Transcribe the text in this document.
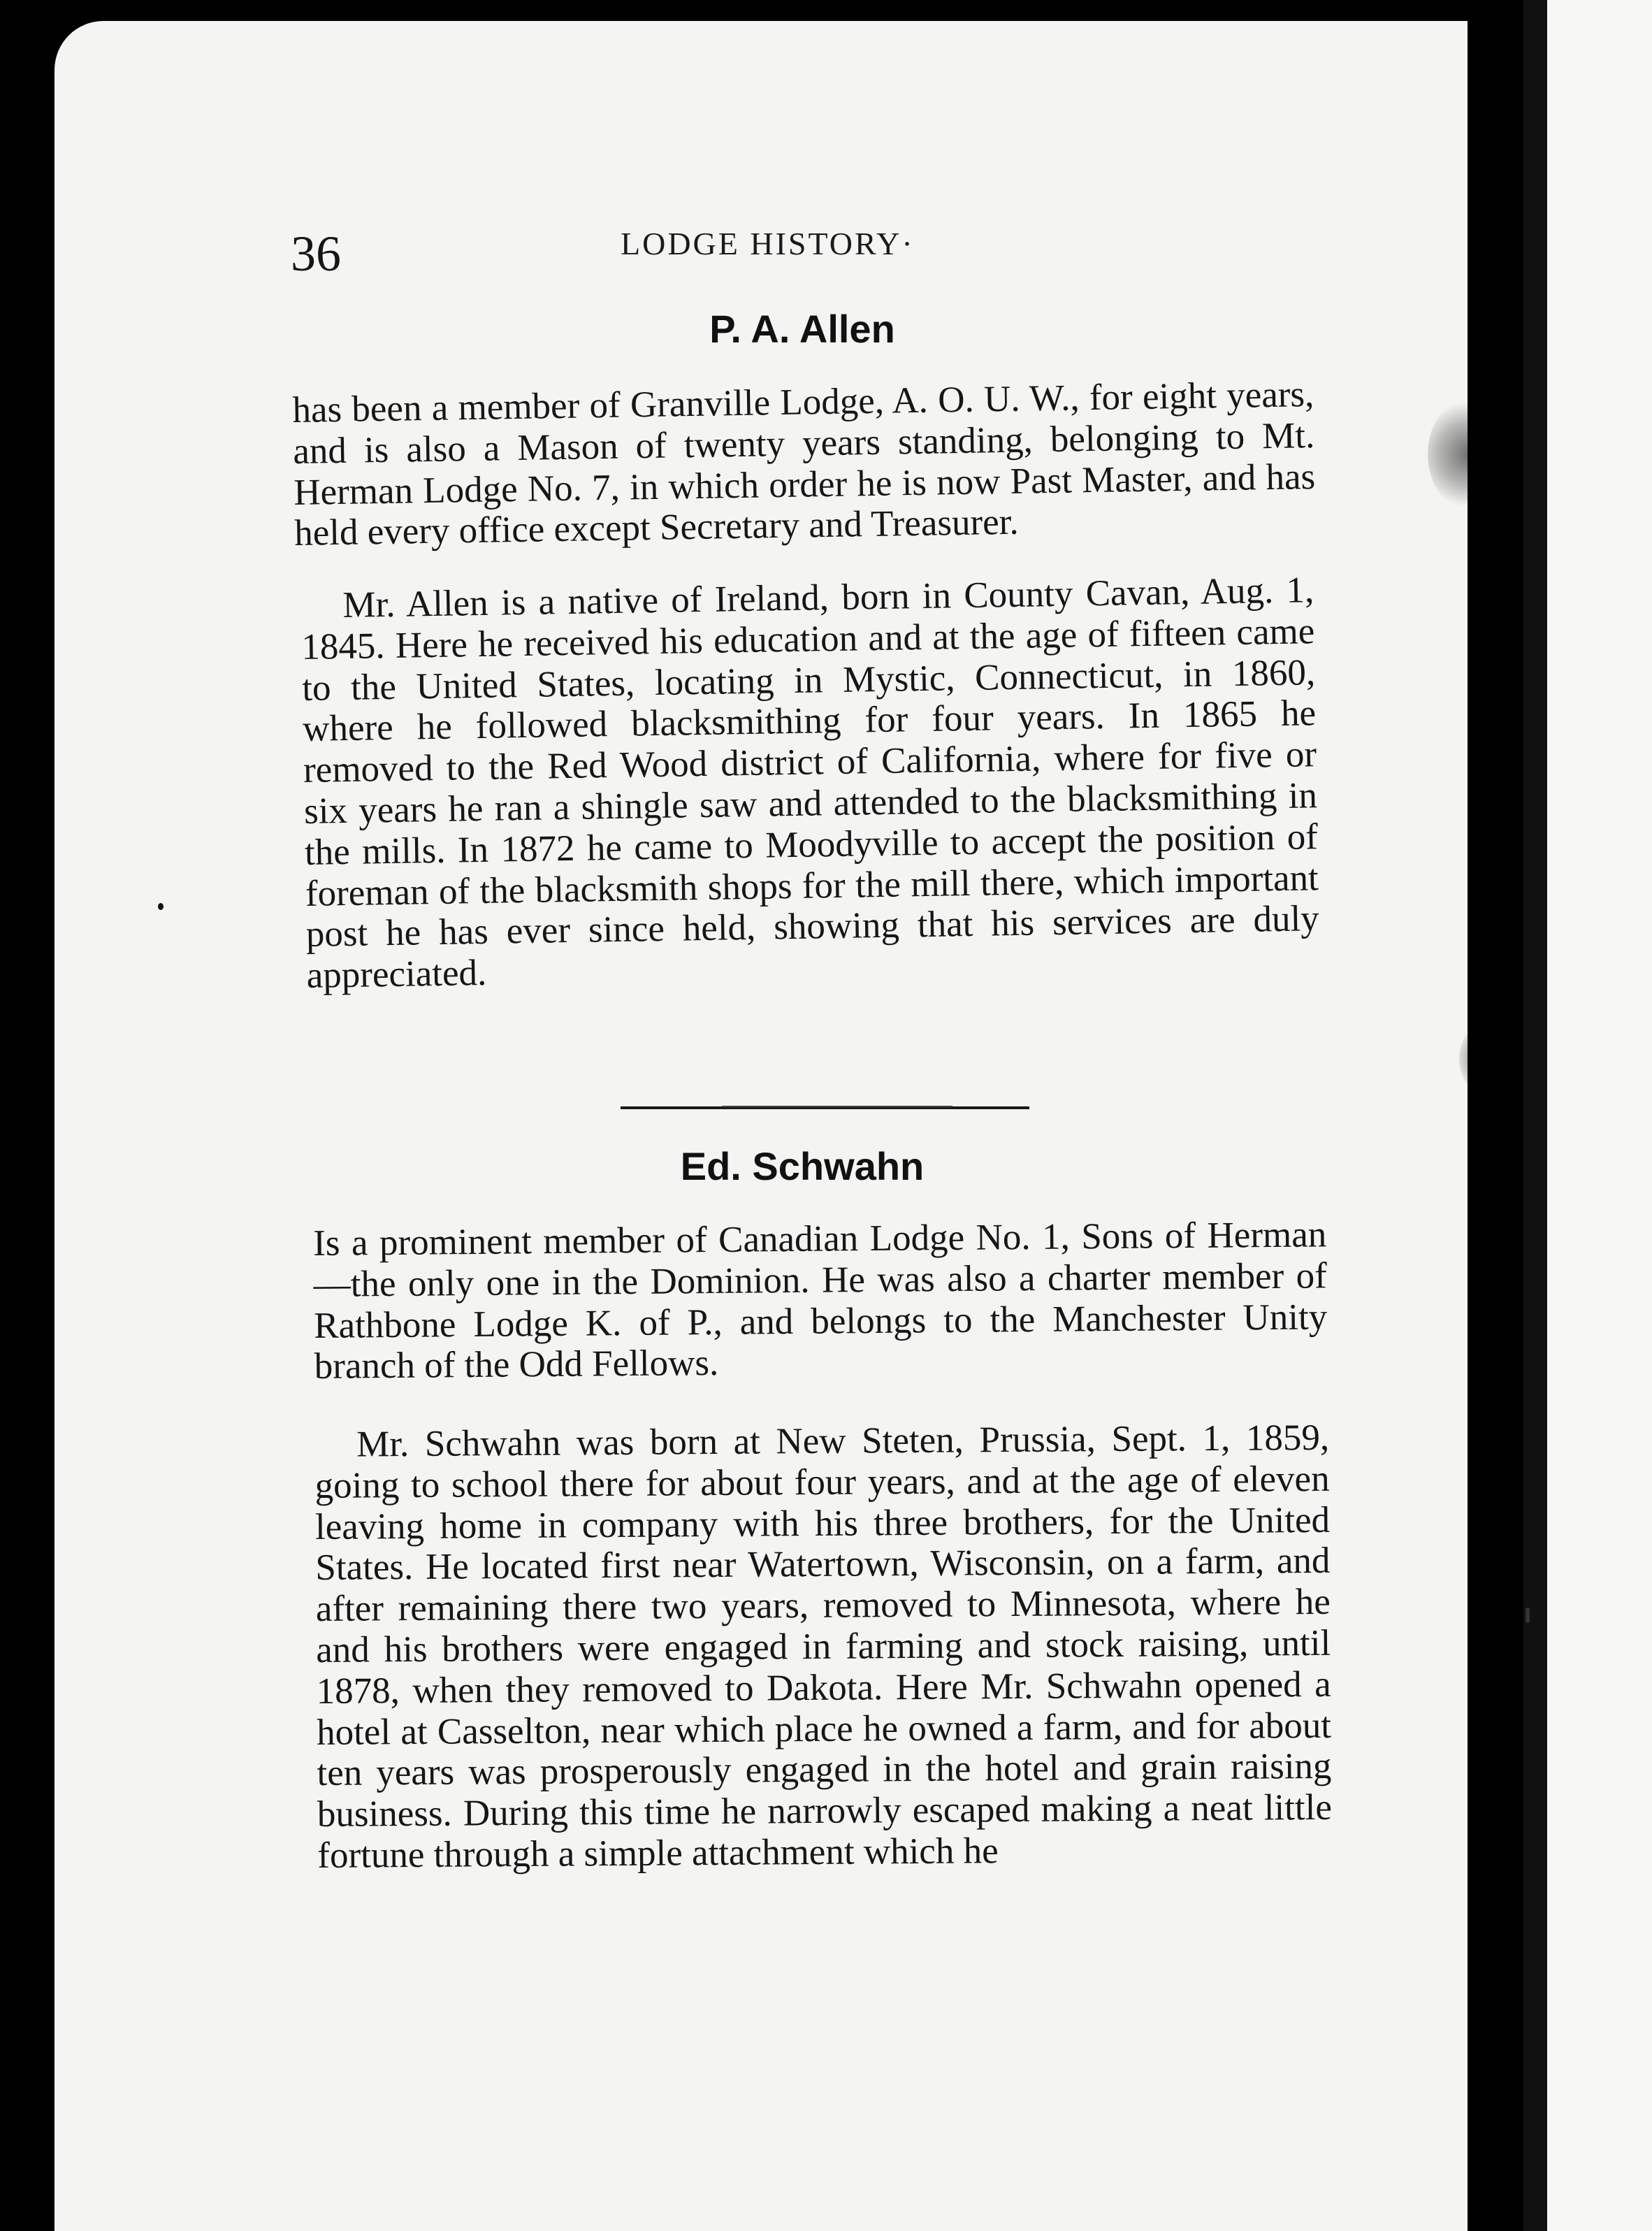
36	LODGE HISTORY·
P. A. Allen

has been a member of Granville Lodge, A. O. U. W., for eight years, and is also a Mason of twenty years standing, belonging to Mt. Herman Lodge No. 7, in which order he is now Past Master, and has held every office except Secretary and Treasurer.

Mr. Allen is a native of Ireland, born in County Cavan, Aug. 1, 1845. Here he received his education and at the age of fifteen came to the United States, locating in Mystic, Connecticut, in 1860, where he followed blacksmithing for four years. In 1865 he removed to the Red Wood district of California, where for five or six years he ran a shingle saw and attended to the blacksmithing in the mills. In 1872 he came to Moodyville to accept the position of foreman of the blacksmith shops for the mill there, which important post he has ever since held, showing that his services are duly appreciated.

Ed. Schwahn

Is a prominent member of Canadian Lodge No. 1, Sons of Herman—the only one in the Dominion. He was also a charter member of Rathbone Lodge K. of P., and belongs to the Manchester Unity branch of the Odd Fellows.

Mr. Schwahn was born at New Steten, Prussia, Sept. 1, 1859, going to school there for about four years, and at the age of eleven leaving home in company with his three brothers, for the United States. He located first near Watertown, Wisconsin, on a farm, and after remaining there two years, removed to Minnesota, where he and his brothers were engaged in farming and stock raising, until 1878, when they removed to Dakota. Here Mr. Schwahn opened a hotel at Casselton, near which place he owned a farm, and for about ten years was prosperously engaged in the hotel and grain raising business. During this time he narrowly escaped making a neat little fortune through a simple attachment which he
